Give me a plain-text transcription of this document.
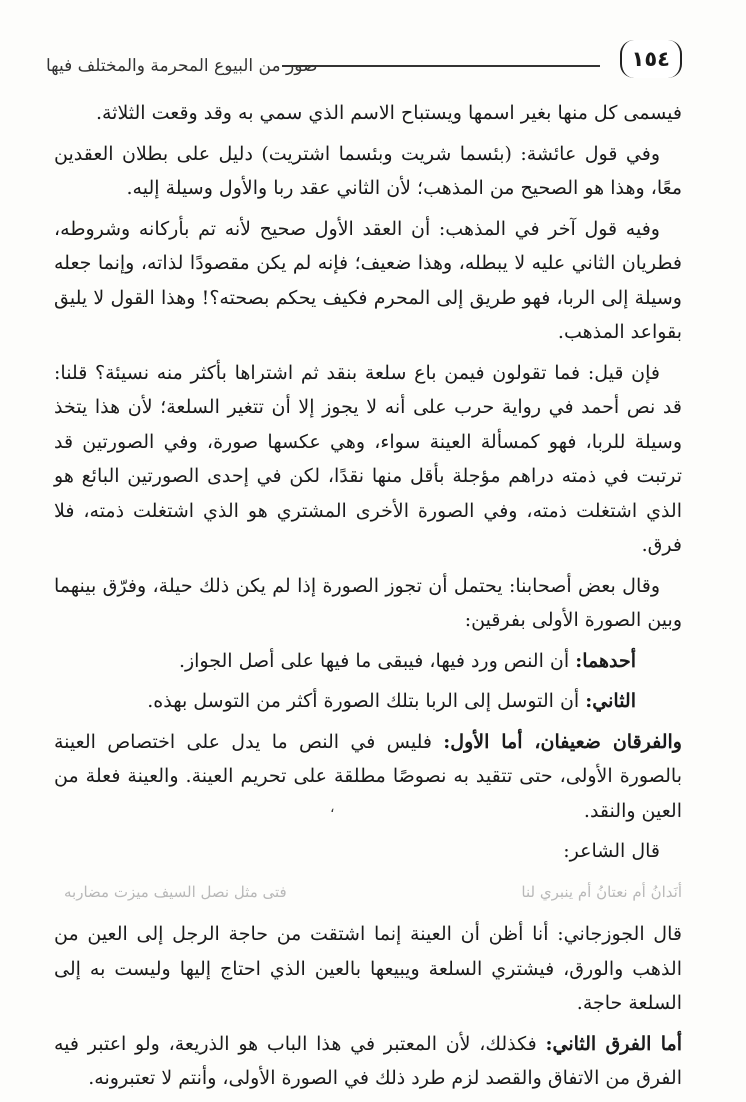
١٥٤
صور من البيوع المحرمة والمختلف فيها

فيسمى كل منها بغير اسمها ويستباح الاسم الذي سمي به وقد وقعت الثلاثة.

وفي قول عائشة: (بئسما شريت وبئسما اشتريت) دليل على بطلان العقدين معًا، وهذا هو الصحيح من المذهب؛ لأن الثاني عقد ربا والأول وسيلة إليه.

وفيه قول آخر في المذهب: أن العقد الأول صحيح لأنه تم بأركانه وشروطه، فطريان الثاني عليه لا يبطله، وهذا ضعيف؛ فإنه لم يكن مقصودًا لذاته، وإنما جعله وسيلة إلى الربا، فهو طريق إلى المحرم فكيف يحكم بصحته؟! وهذا القول لا يليق بقواعد المذهب.

فإن قيل: فما تقولون فيمن باع سلعة بنقد ثم اشتراها بأكثر منه نسيئة؟ قلنا: قد نص أحمد في رواية حرب على أنه لا يجوز إلا أن تتغير السلعة؛ لأن هذا يتخذ وسيلة للربا، فهو كمسألة العينة سواء، وهي عكسها صورة، وفي الصورتين قد ترتبت في ذمته دراهم مؤجلة بأقل منها نقدًا، لكن في إحدى الصورتين البائع هو الذي اشتغلت ذمته، وفي الصورة الأخرى المشتري هو الذي اشتغلت ذمته، فلا فرق.

وقال بعض أصحابنا: يحتمل أن تجوز الصورة إذا لم يكن ذلك حيلة، وفرّق بينهما وبين الصورة الأولى بفرقين:

أحدهما: أن النص ورد فيها، فيبقى ما فيها على أصل الجواز.

الثاني: أن التوسل إلى الربا بتلك الصورة أكثر من التوسل بهذه.

والفرقان ضعيفان، أما الأول: فليس في النص ما يدل على اختصاص العينة بالصورة الأولى، حتى تتقيد به نصوصًا مطلقة على تحريم العينة. والعينة فعلة من العين والنقد.

قال الشاعر:

أنَدانُ أم نعتانُ أم ينبري لنا
فتى مثل نصل السيف ميزت مضاربه

قال الجوزجاني: أنا أظن أن العينة إنما اشتقت من حاجة الرجل إلى العين من الذهب والورق، فيشتري السلعة ويبيعها بالعين الذي احتاج إليها وليست به إلى السلعة حاجة.

أما الفرق الثاني: فكذلك، لأن المعتبر في هذا الباب هو الذريعة، ولو اعتبر فيه الفرق من الاتفاق والقصد لزم طرد ذلك في الصورة الأولى، وأنتم لا تعتبرونه.

،
